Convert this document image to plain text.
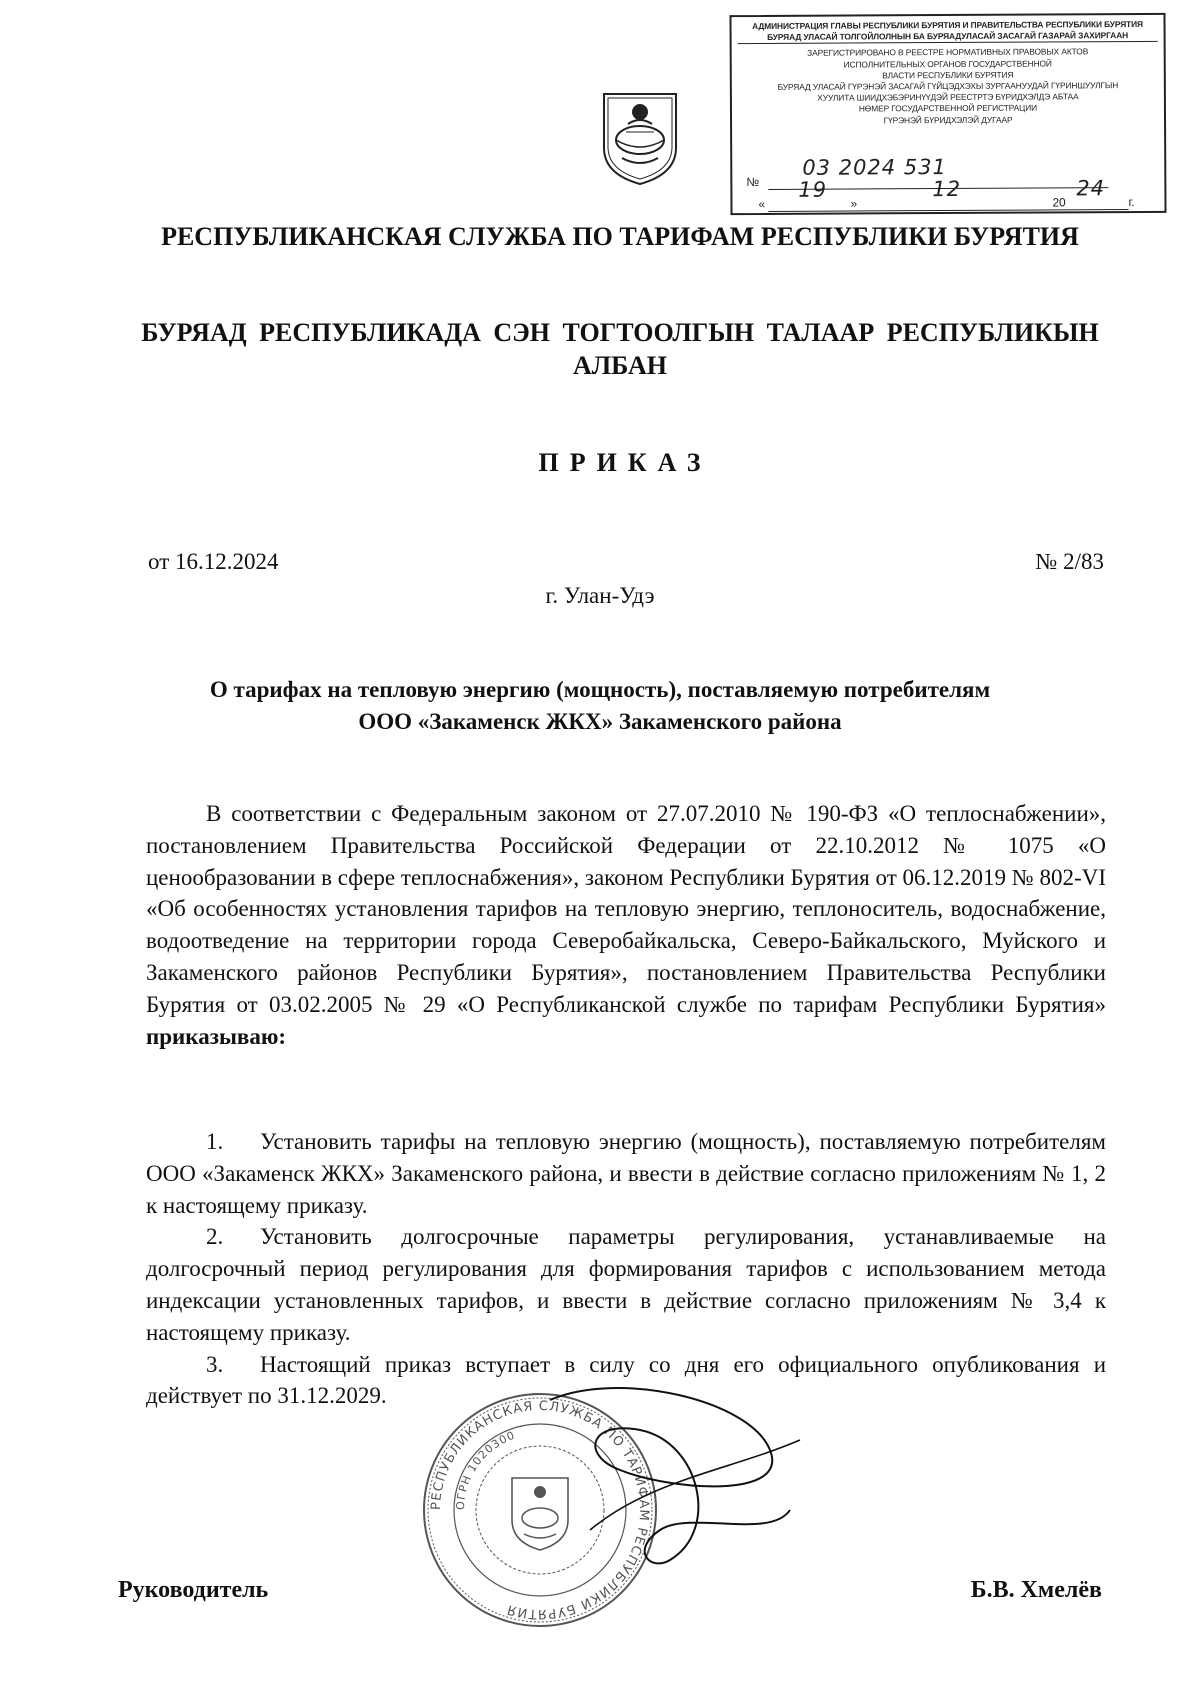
АДМИНИСТРАЦИЯ ГЛАВЫ РЕСПУБЛИКИ БУРЯТИЯ И ПРАВИТЕЛЬСТВА РЕСПУБЛИКИ БУРЯТИЯ
БУРЯАД УЛАСАЙ ТОЛГОЙЛОЛНЫН БА БУРЯАДУЛАСАЙ ЗАСАГАЙ ГАЗАРАЙ ЗАХИРГААН
ЗАРЕГИСТРИРОВАНО В РЕЕСТРЕ НОРМАТИВНЫХ ПРАВОВЫХ АКТОВ
ИСПОЛНИТЕЛЬНЫХ ОРГАНОВ ГОСУДАРСТВЕННОЙ
ВЛАСТИ РЕСПУБЛИКИ БУРЯТИЯ
БУРЯАД УЛАСАЙ ГҮРЭНЭЙ ЗАСАГАЙ ГҮЙЦЭДХЭХЫ ЗУРГААНУУДАЙ ГҮРИНШУУЛГЫН
ХУУЛИТА ШИИДХЭБЭРИНҮҮДЭЙ РЕЕСТРТЭ БҮРИДХЭЛДЭ АБТАА
НӨМЕР ГОСУДАРСТВЕННОЙ РЕГИСТРАЦИИ
ГҮРЭНЭЙ БҮРИДХЭЛЭЙ ДУГААР
№
03 2024 531
«
19
»
12
20
24
г.
РЕСПУБЛИКАНСКАЯ СЛУЖБА ПО ТАРИФАМ РЕСПУБЛИКИ БУРЯТИЯ
БУРЯАД РЕСПУБЛИКАДА СЭН ТОГТООЛГЫН ТАЛААР РЕСПУБЛИКЫН АЛБАН
ПРИКАЗ
от 16.12.2024	№ 2/83
г. Улан-Удэ
О тарифах на тепловую энергию (мощность), поставляемую потребителям ООО «Закаменск ЖКХ» Закаменского района
В соответствии с Федеральным законом от 27.07.2010 № 190-ФЗ «О теплоснабжении», постановлением Правительства Российской Федерации от 22.10.2012 № 1075 «О ценообразовании в сфере теплоснабжения», законом Республики Бурятия от 06.12.2019 № 802-VI «Об особенностях установления тарифов на тепловую энергию, теплоноситель, водоснабжение, водоотведение на территории города Северобайкальска, Северо-Байкальского, Муйского и Закаменского районов Республики Бурятия», постановлением Правительства Республики Бурятия от 03.02.2005 № 29 «О Республиканской службе по тарифам Республики Бурятия» приказываю:
1. Установить тарифы на тепловую энергию (мощность), поставляемую потребителям ООО «Закаменск ЖКХ» Закаменского района, и ввести в действие согласно приложениям № 1, 2 к настоящему приказу.
2. Установить долгосрочные параметры регулирования, устанавливаемые на долгосрочный период регулирования для формирования тарифов с использованием метода индексации установленных тарифов, и ввести в действие согласно приложениям № 3,4 к настоящему приказу.
3. Настоящий приказ вступает в силу со дня его официального опубликования и действует по 31.12.2029.
РЕСПУБЛИКАНСКАЯ СЛУЖБА ПО ТАРИФАМ РЕСПУБЛИКИ БУРЯТИЯ
ОГРН 1020300
Руководитель	Б.В. Хмелёв
